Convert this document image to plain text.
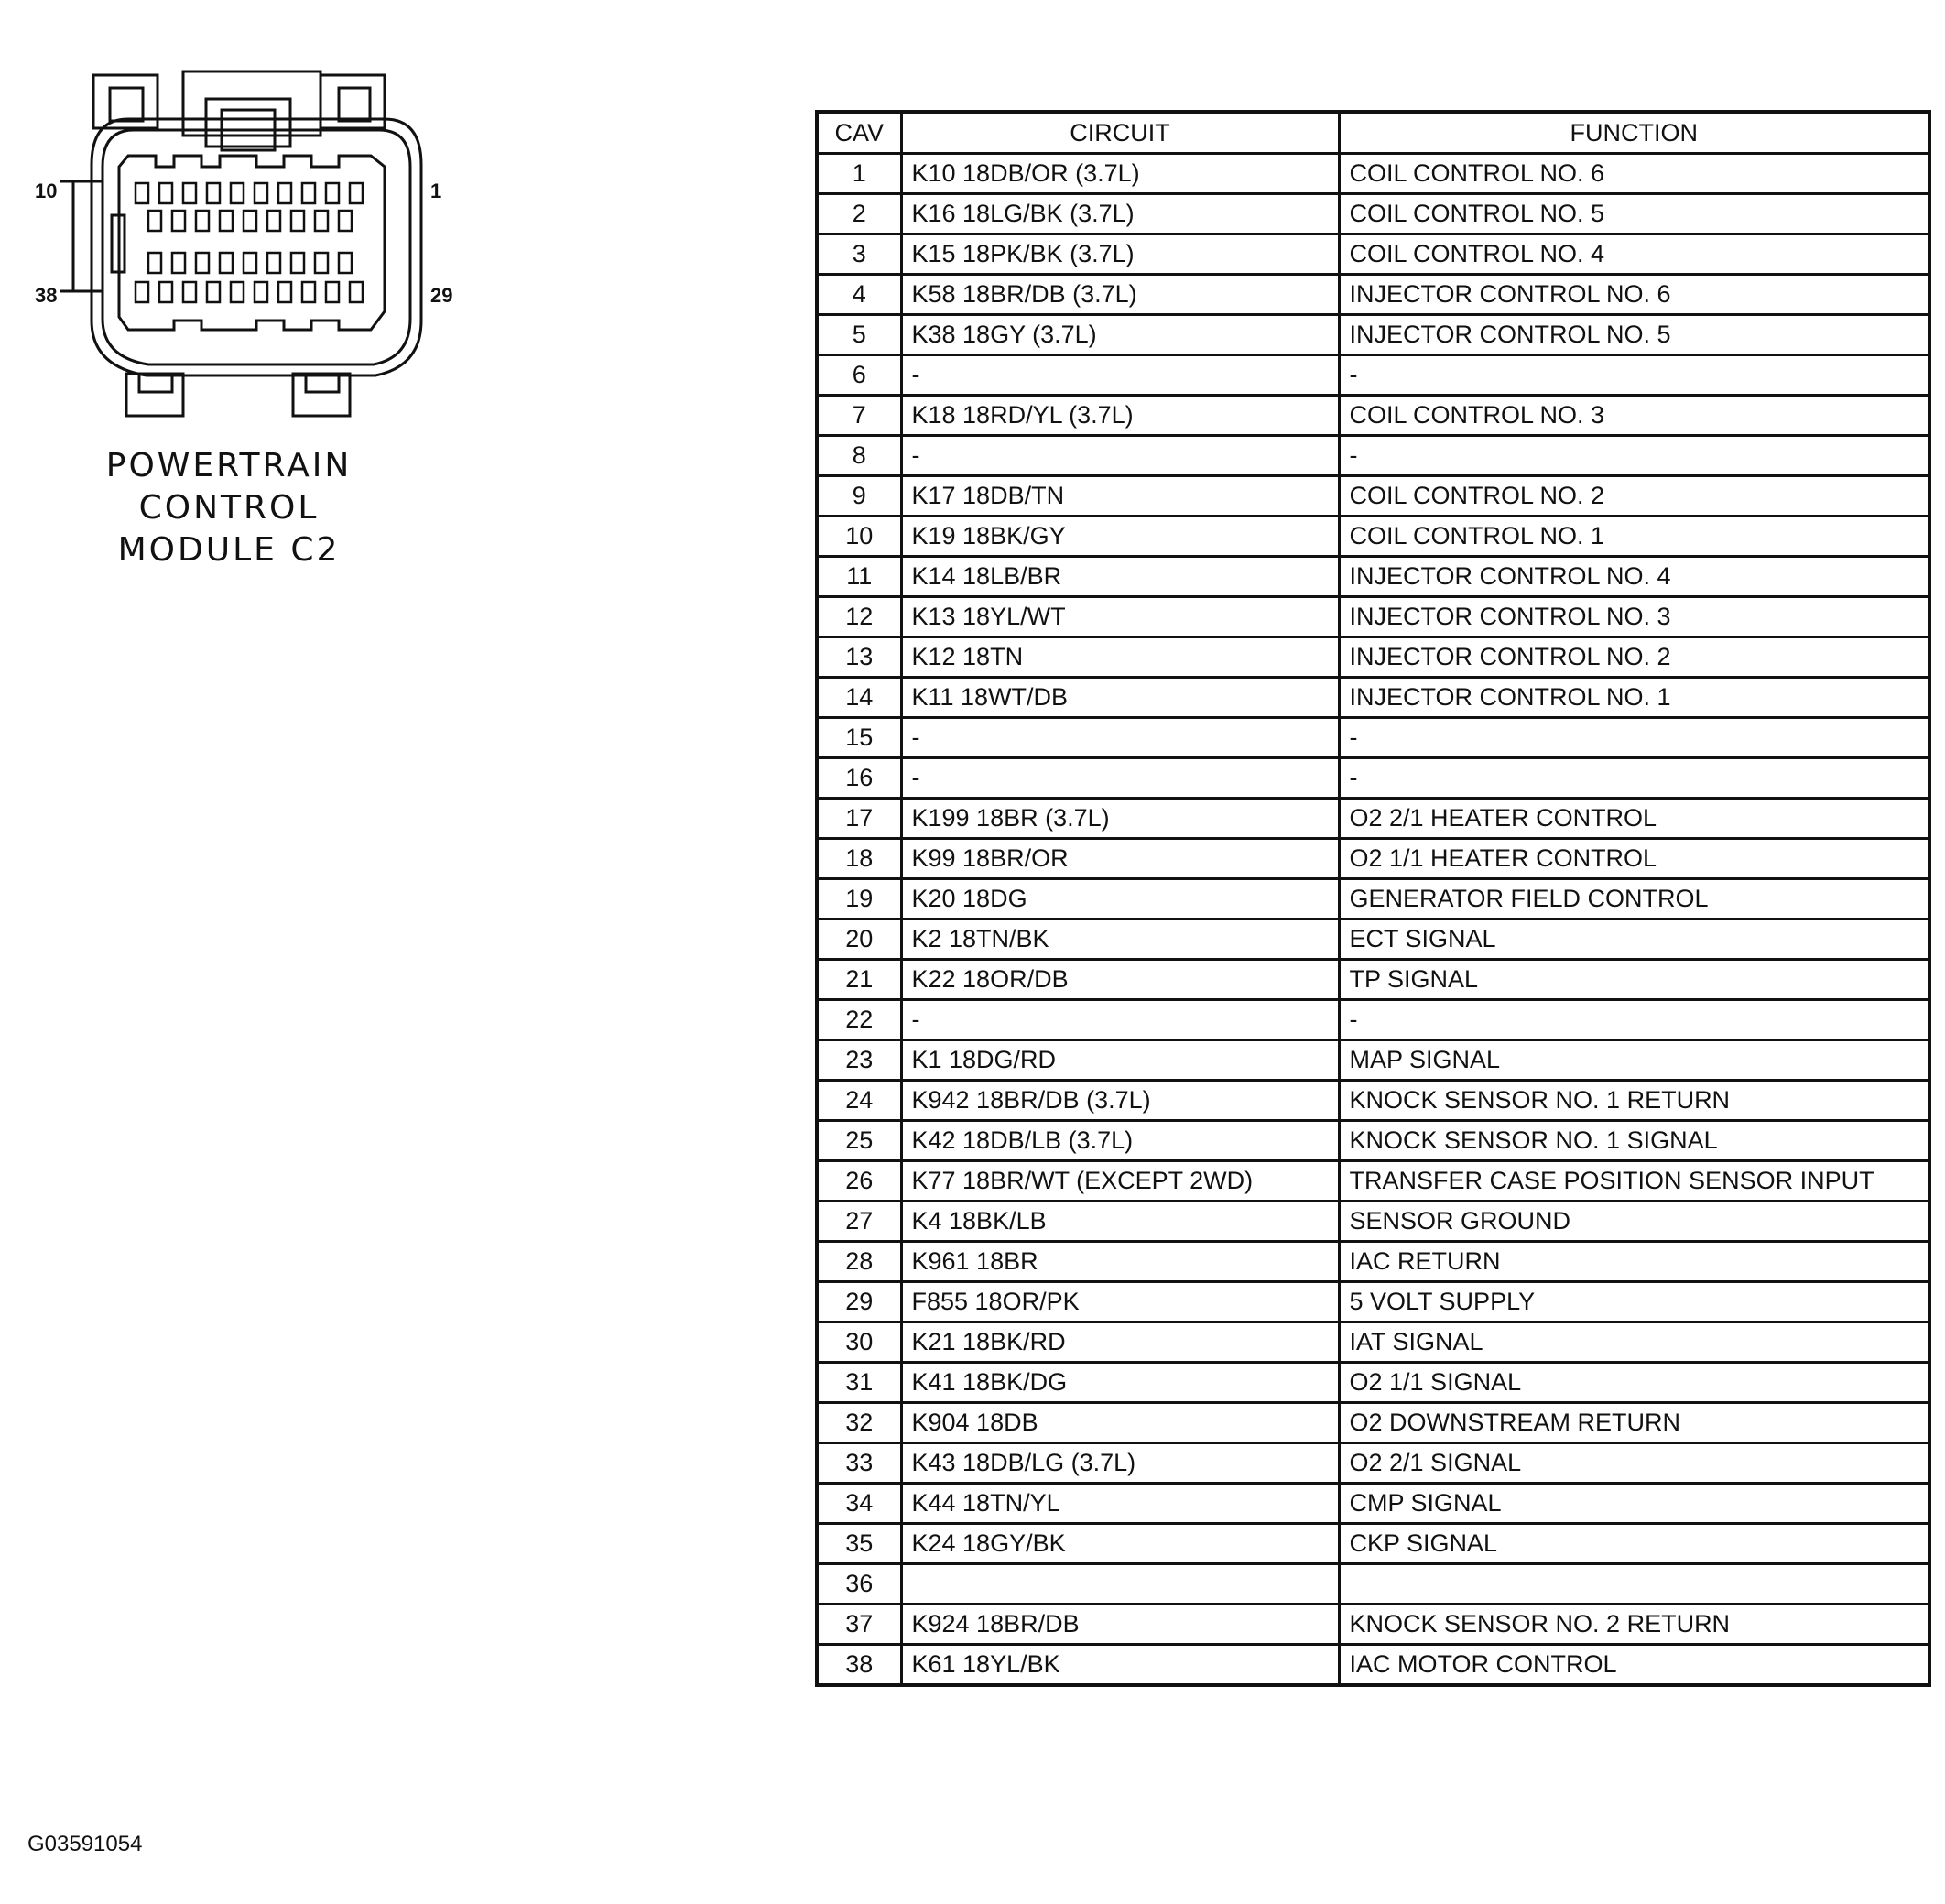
10	1
38	29
POWERTRAIN
CONTROL
MODULE C2
CAV	CIRCUIT	FUNCTION
1	K10 18DB/OR (3.7L)	COIL CONTROL NO. 6
2	K16 18LG/BK (3.7L)	COIL CONTROL NO. 5
3	K15 18PK/BK (3.7L)	COIL CONTROL NO. 4
4	K58 18BR/DB (3.7L)	INJECTOR CONTROL NO. 6
5	K38 18GY (3.7L)	INJECTOR CONTROL NO. 5
6	-	-
7	K18 18RD/YL (3.7L)	COIL CONTROL NO. 3
8	-	-
9	K17 18DB/TN	COIL CONTROL NO. 2
10	K19 18BK/GY	COIL CONTROL NO. 1
11	K14 18LB/BR	INJECTOR CONTROL NO. 4
12	K13 18YL/WT	INJECTOR CONTROL NO. 3
13	K12 18TN	INJECTOR CONTROL NO. 2
14	K11 18WT/DB	INJECTOR CONTROL NO. 1
15	-	-
16	-	-
17	K199 18BR (3.7L)	O2 2/1 HEATER CONTROL
18	K99 18BR/OR	O2 1/1 HEATER CONTROL
19	K20 18DG	GENERATOR FIELD CONTROL
20	K2 18TN/BK	ECT SIGNAL
21	K22 18OR/DB	TP SIGNAL
22	-	-
23	K1 18DG/RD	MAP SIGNAL
24	K942 18BR/DB (3.7L)	KNOCK SENSOR NO. 1 RETURN
25	K42 18DB/LB (3.7L)	KNOCK SENSOR NO. 1 SIGNAL
26	K77 18BR/WT (EXCEPT 2WD)	TRANSFER CASE POSITION SENSOR INPUT
27	K4 18BK/LB	SENSOR GROUND
28	K961 18BR	IAC RETURN
29	F855 18OR/PK	5 VOLT SUPPLY
30	K21 18BK/RD	IAT SIGNAL
31	K41 18BK/DG	O2 1/1 SIGNAL
32	K904 18DB	O2 DOWNSTREAM RETURN
33	K43 18DB/LG (3.7L)	O2 2/1 SIGNAL
34	K44 18TN/YL	CMP SIGNAL
35	K24 18GY/BK	CKP SIGNAL
36		
37	K924 18BR/DB	KNOCK SENSOR NO. 2 RETURN
38	K61 18YL/BK	IAC MOTOR CONTROL
G03591054
